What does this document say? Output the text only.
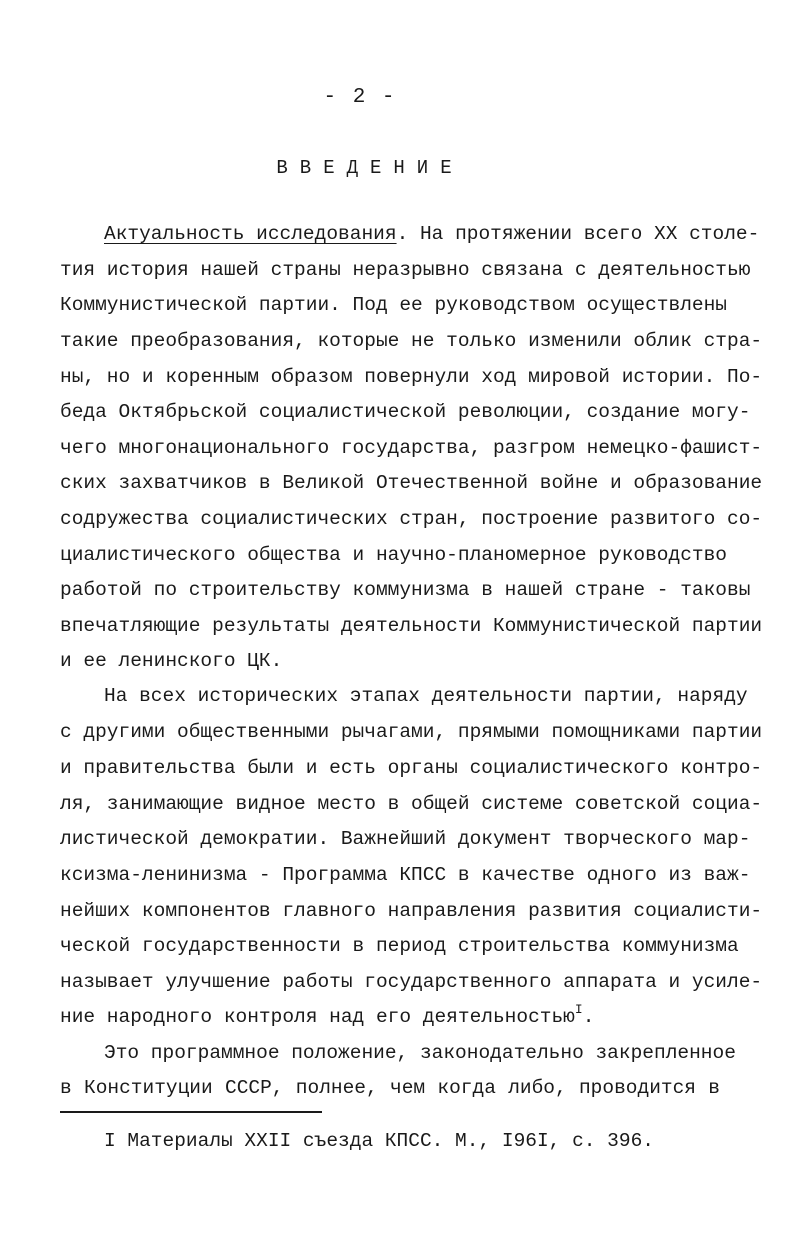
- 2 -
ВВЕДЕНИЕ
Актуальность исследования. На протяжении всего XX столе-
тия история нашей страны неразрывно связана с деятельностью
Коммунистической партии. Под ее руководством осуществлены
такие преобразования, которые не только изменили облик стра-
ны, но и коренным образом повернули ход мировой истории. По-
беда Октябрьской социалистической революции, создание могу-
чего многонационального государства, разгром немецко-фашист-
ских захватчиков в Великой Отечественной войне и образование
содружества социалистических стран, построение развитого со-
циалистического общества и научно-планомерное руководство
работой по строительству коммунизма в нашей стране - таковы
впечатляющие результаты деятельности Коммунистической партии
и ее ленинского ЦК.
На всех исторических этапах деятельности партии, наряду
с другими общественными рычагами, прямыми помощниками партии
и правительства были и есть органы социалистического контро-
ля, занимающие видное место в общей системе советской социа-
листической демократии. Важнейший документ творческого мар-
ксизма-ленинизма - Программа КПСС в качестве одного из важ-
нейших компонентов главного направления развития социалисти-
ческой государственности в период строительства коммунизма
называет улучшение работы государственного аппарата и усиле-
ние народного контроля над его деятельностью$^I$.
Это программное положение, законодательно закрепленное
в Конституции СССР, полнее, чем когда либо, проводится в
I Материалы XXII съезда КПСС. М., I96I, с. 396.
